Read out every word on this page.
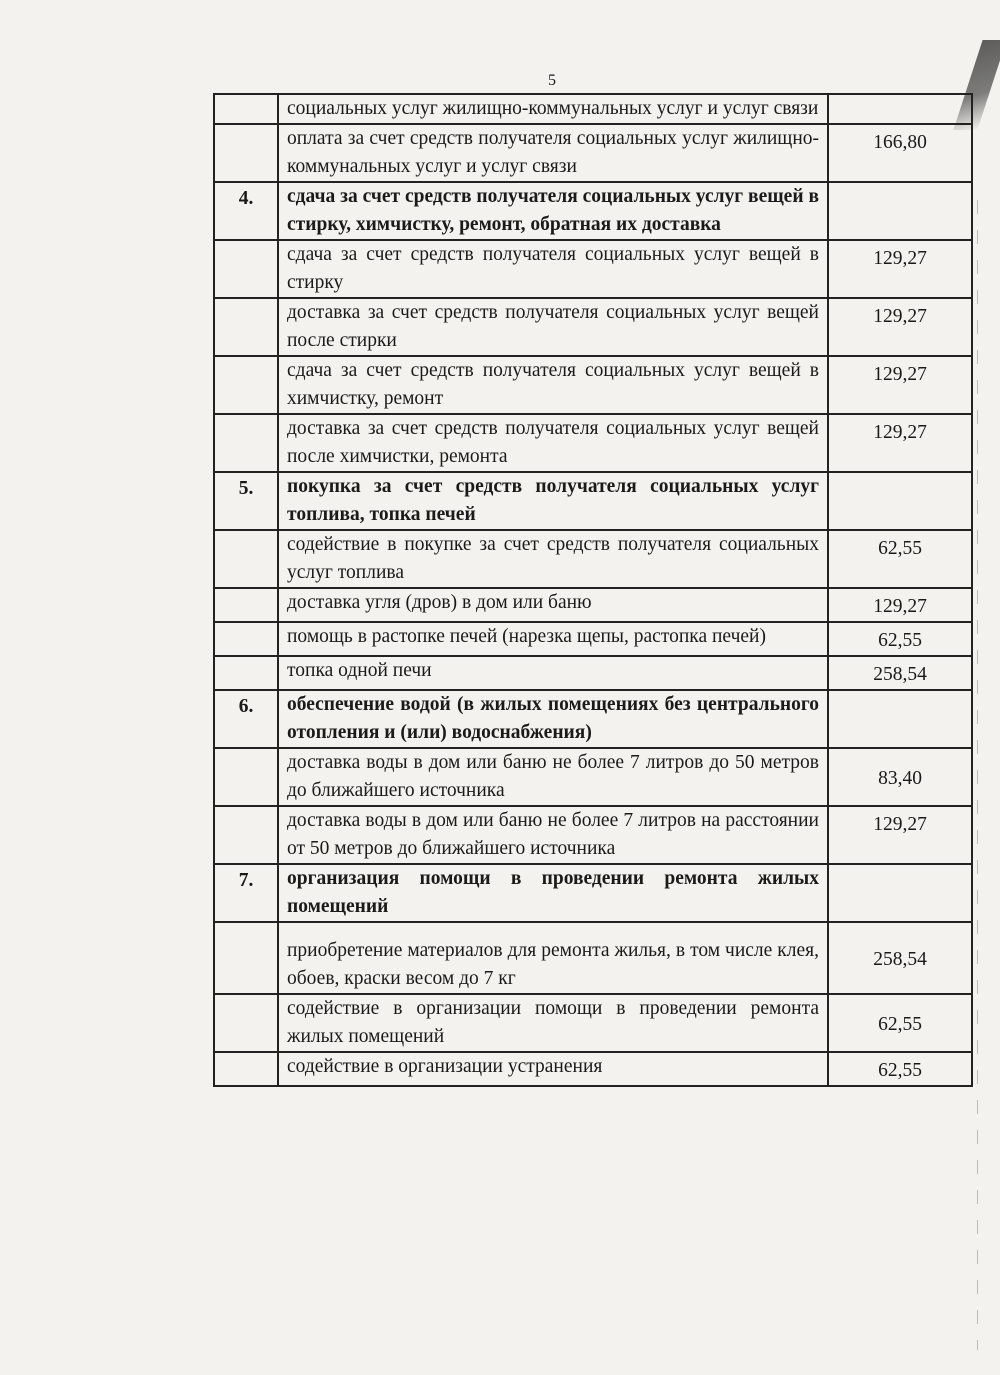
5
	социальных услуг жилищно-коммунальных услуг и услуг связи	
	оплата за счет средств получателя социальных услуг жилищно-коммунальных услуг и услуг связи	166,80
4.	сдача за счет средств получателя социальных услуг вещей в стирку, химчистку, ремонт, обратная их доставка	
	сдача за счет средств получателя социальных услуг вещей в стирку	129,27
	доставка за счет средств получателя социальных услуг вещей после стирки	129,27
	сдача за счет средств получателя социальных услуг вещей в химчистку, ремонт	129,27
	доставка за счет средств получателя социальных услуг вещей после химчистки, ремонта	129,27
5.	покупка за счет средств получателя социальных услуг топлива, топка печей	
	содействие в покупке за счет средств получателя социальных услуг топлива	62,55
	доставка угля (дров) в дом или баню	129,27
	помощь в растопке печей (нарезка щепы, растопка печей)	62,55
	топка одной печи	258,54
6.	обеспечение водой (в жилых помещениях без центрального отопления и (или) водоснабжения)	
	доставка воды в дом или баню не более 7 литров до 50 метров до ближайшего источника	83,40
	доставка воды в дом или баню не более 7 литров на расстоянии от 50 метров до ближайшего источника	129,27
7.	организация помощи в проведении ремонта жилых помещений	
	приобретение материалов для ремонта жилья, в том числе клея, обоев, краски весом до 7 кг	258,54
	содействие в организации помощи в проведении ремонта жилых помещений	62,55
	содействие в организации устранения	62,55
